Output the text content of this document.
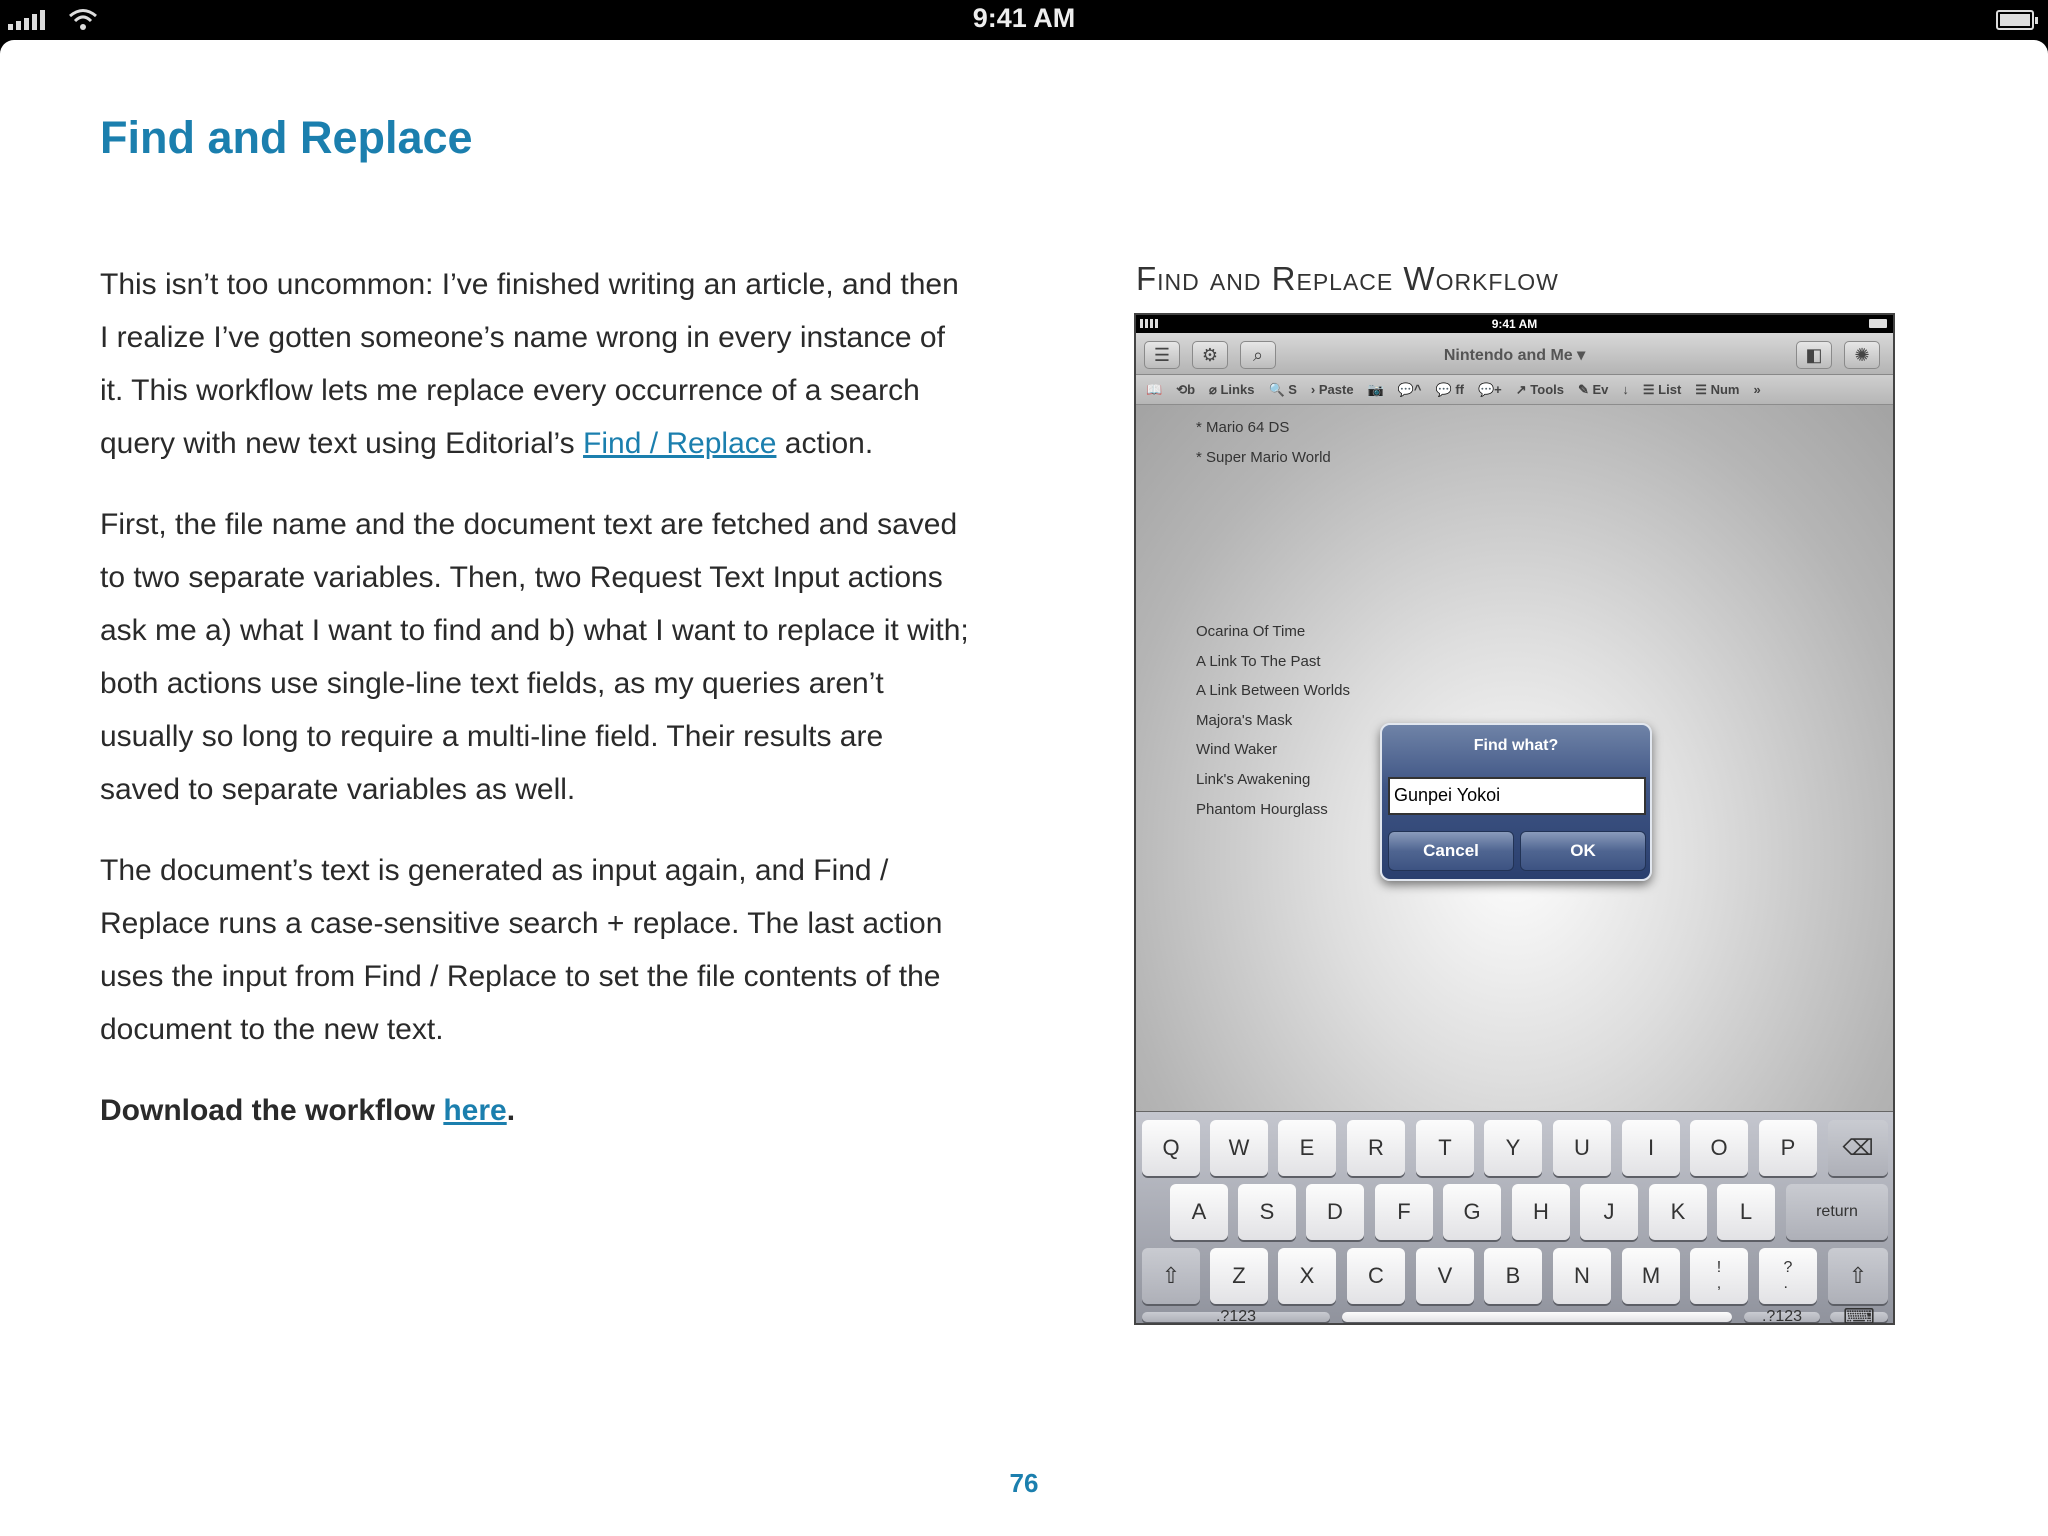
9:41 AM
Find and Replace

This isn’t too uncommon: I’ve finished writing an article, and then I realize I’ve gotten someone’s name wrong in every instance of it. This workflow lets me replace every occurrence of a search query with new text using Editorial’s Find / Replace action.

First, the file name and the document text are fetched and saved to two separate variables. Then, two Request Text Input actions ask me a) what I want to find and b) what I want to replace it with; both actions use single-line text fields, as my queries aren’t usually so long to require a multi-line field. Their results are saved to separate variables as well.

The document’s text is generated as input again, and Find / Replace runs a case-sensitive search + replace. The last action uses the input from Find / Replace to set the file contents of the document to the new text.

Download the workflow here.

Find and Replace Workflow
9:41 AM
☰	⚙	⌕	Nintendo and Me ▾	◧	✺
📖 ⟲b ⌀ Links 🔍 S › Paste 📷 💬^ 💬 ff 💬+ ↗ Tools ✎ Ev ↓ ☰ List ☰ Num »
* Mario 64 DS
* Super Mario World
Ocarina Of Time
A Link To The Past
A Link Between Worlds
Majora's Mask
Wind Waker
Link's Awakening
Phantom Hourglass
Find what?
Gunpei Yokoi
Cancel	OK
Q	W	E	R	T	Y	U	I	O	P	⌫
A	S	D	F	G	H	J	K	L	return
⇧	Z	X	C	V	B	N	M	!
,
?
.	⇧
.?123	.?123	⌨
76
